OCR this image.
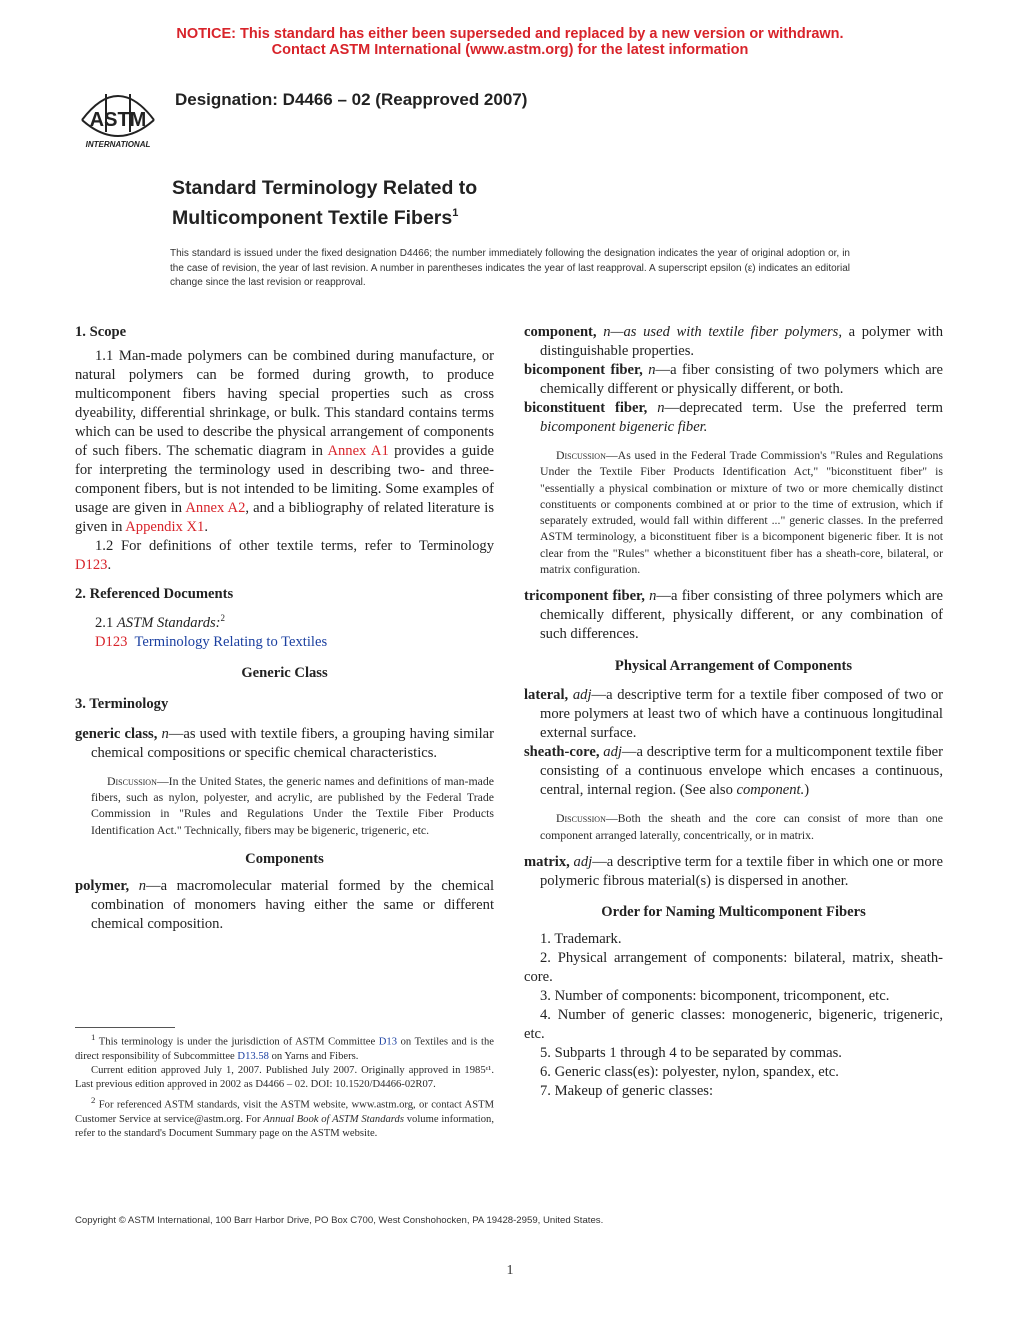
NOTICE: This standard has either been superseded and replaced by a new version or withdrawn.
Contact ASTM International (www.astm.org) for the latest information
ASTM
INTERNATIONAL
Designation: D4466 – 02 (Reapproved 2007)
Standard Terminology Related to
Multicomponent Textile Fibers$^1$
This standard is issued under the fixed designation D4466; the number immediately following the designation indicates the year of original adoption or, in the case of revision, the year of last revision. A number in parentheses indicates the year of last reapproval. A superscript epsilon (ε) indicates an editorial change since the last revision or reapproval.

1. Scope

1.1 Man-made polymers can be combined during manufacture, or natural polymers can be formed during growth, to produce multicomponent fibers having special properties such as cross dyeability, differential shrinkage, or bulk. This standard contains terms which can be used to describe the physical arrangement of components of such fibers. The schematic diagram in Annex A1 provides a guide for interpreting the terminology used in describing two- and three-component fibers, but is not intended to be limiting. Some examples of usage are given in Annex A2, and a bibliography of related literature is given in Appendix X1.

1.2 For definitions of other textile terms, refer to Terminology D123.

2. Referenced Documents

2.1 ASTM Standards:$^2$

D123 Terminology Relating to Textiles

Generic Class

3. Terminology

generic class, n—as used with textile fibers, a grouping having similar chemical compositions or specific chemical characteristics.

Discussion—In the United States, the generic names and definitions of man-made fibers, such as nylon, polyester, and acrylic, are published by the Federal Trade Commission in "Rules and Regulations Under the Textile Fiber Products Identification Act." Technically, fibers may be bigeneric, trigeneric, etc.

Components

polymer, n—a macromolecular material formed by the chemical combination of monomers having either the same or different chemical composition.

$^1$ This terminology is under the jurisdiction of ASTM Committee D13 on Textiles and is the direct responsibility of Subcommittee D13.58 on Yarns and Fibers.

Current edition approved July 1, 2007. Published July 2007. Originally approved in 1985ᵋ¹. Last previous edition approved in 2002 as D4466 – 02. DOI: 10.1520/D4466-02R07.

$^2$ For referenced ASTM standards, visit the ASTM website, www.astm.org, or contact ASTM Customer Service at service@astm.org. For Annual Book of ASTM Standards volume information, refer to the standard's Document Summary page on the ASTM website.

component, n—as used with textile fiber polymers, a polymer with distinguishable properties.

bicomponent fiber, n—a fiber consisting of two polymers which are chemically different or physically different, or both.

biconstituent fiber, n—deprecated term. Use the preferred term bicomponent bigeneric fiber.

Discussion—As used in the Federal Trade Commission's "Rules and Regulations Under the Textile Fiber Products Identification Act," "biconstituent fiber" is "essentially a physical combination or mixture of two or more chemically distinct constituents or components combined at or prior to the time of extrusion, which if separately extruded, would fall within different ..." generic classes. In the preferred ASTM terminology, a biconstituent fiber is a bicomponent bigeneric fiber. It is not clear from the "Rules" whether a biconstituent fiber has a sheath-core, bilateral, or matrix configuration.

tricomponent fiber, n—a fiber consisting of three polymers which are chemically different, physically different, or any combination of such differences.

Physical Arrangement of Components

lateral, adj—a descriptive term for a textile fiber composed of two or more polymers at least two of which have a continuous longitudinal external surface.

sheath-core, adj—a descriptive term for a multicomponent textile fiber consisting of a continuous envelope which encases a continuous, central, internal region. (See also component.)

Discussion—Both the sheath and the core can consist of more than one component arranged laterally, concentrically, or in matrix.

matrix, adj—a descriptive term for a textile fiber in which one or more polymeric fibrous material(s) is dispersed in another.

Order for Naming Multicomponent Fibers

1. Trademark.

2. Physical arrangement of components: bilateral, matrix, sheath-core.

3. Number of components: bicomponent, tricomponent, etc.

4. Number of generic classes: monogeneric, bigeneric, trigeneric, etc.

5. Subparts 1 through 4 to be separated by commas.

6. Generic class(es): polyester, nylon, spandex, etc.

7. Makeup of generic classes:

Copyright © ASTM International, 100 Barr Harbor Drive, PO Box C700, West Conshohocken, PA 19428-2959, United States.
1
